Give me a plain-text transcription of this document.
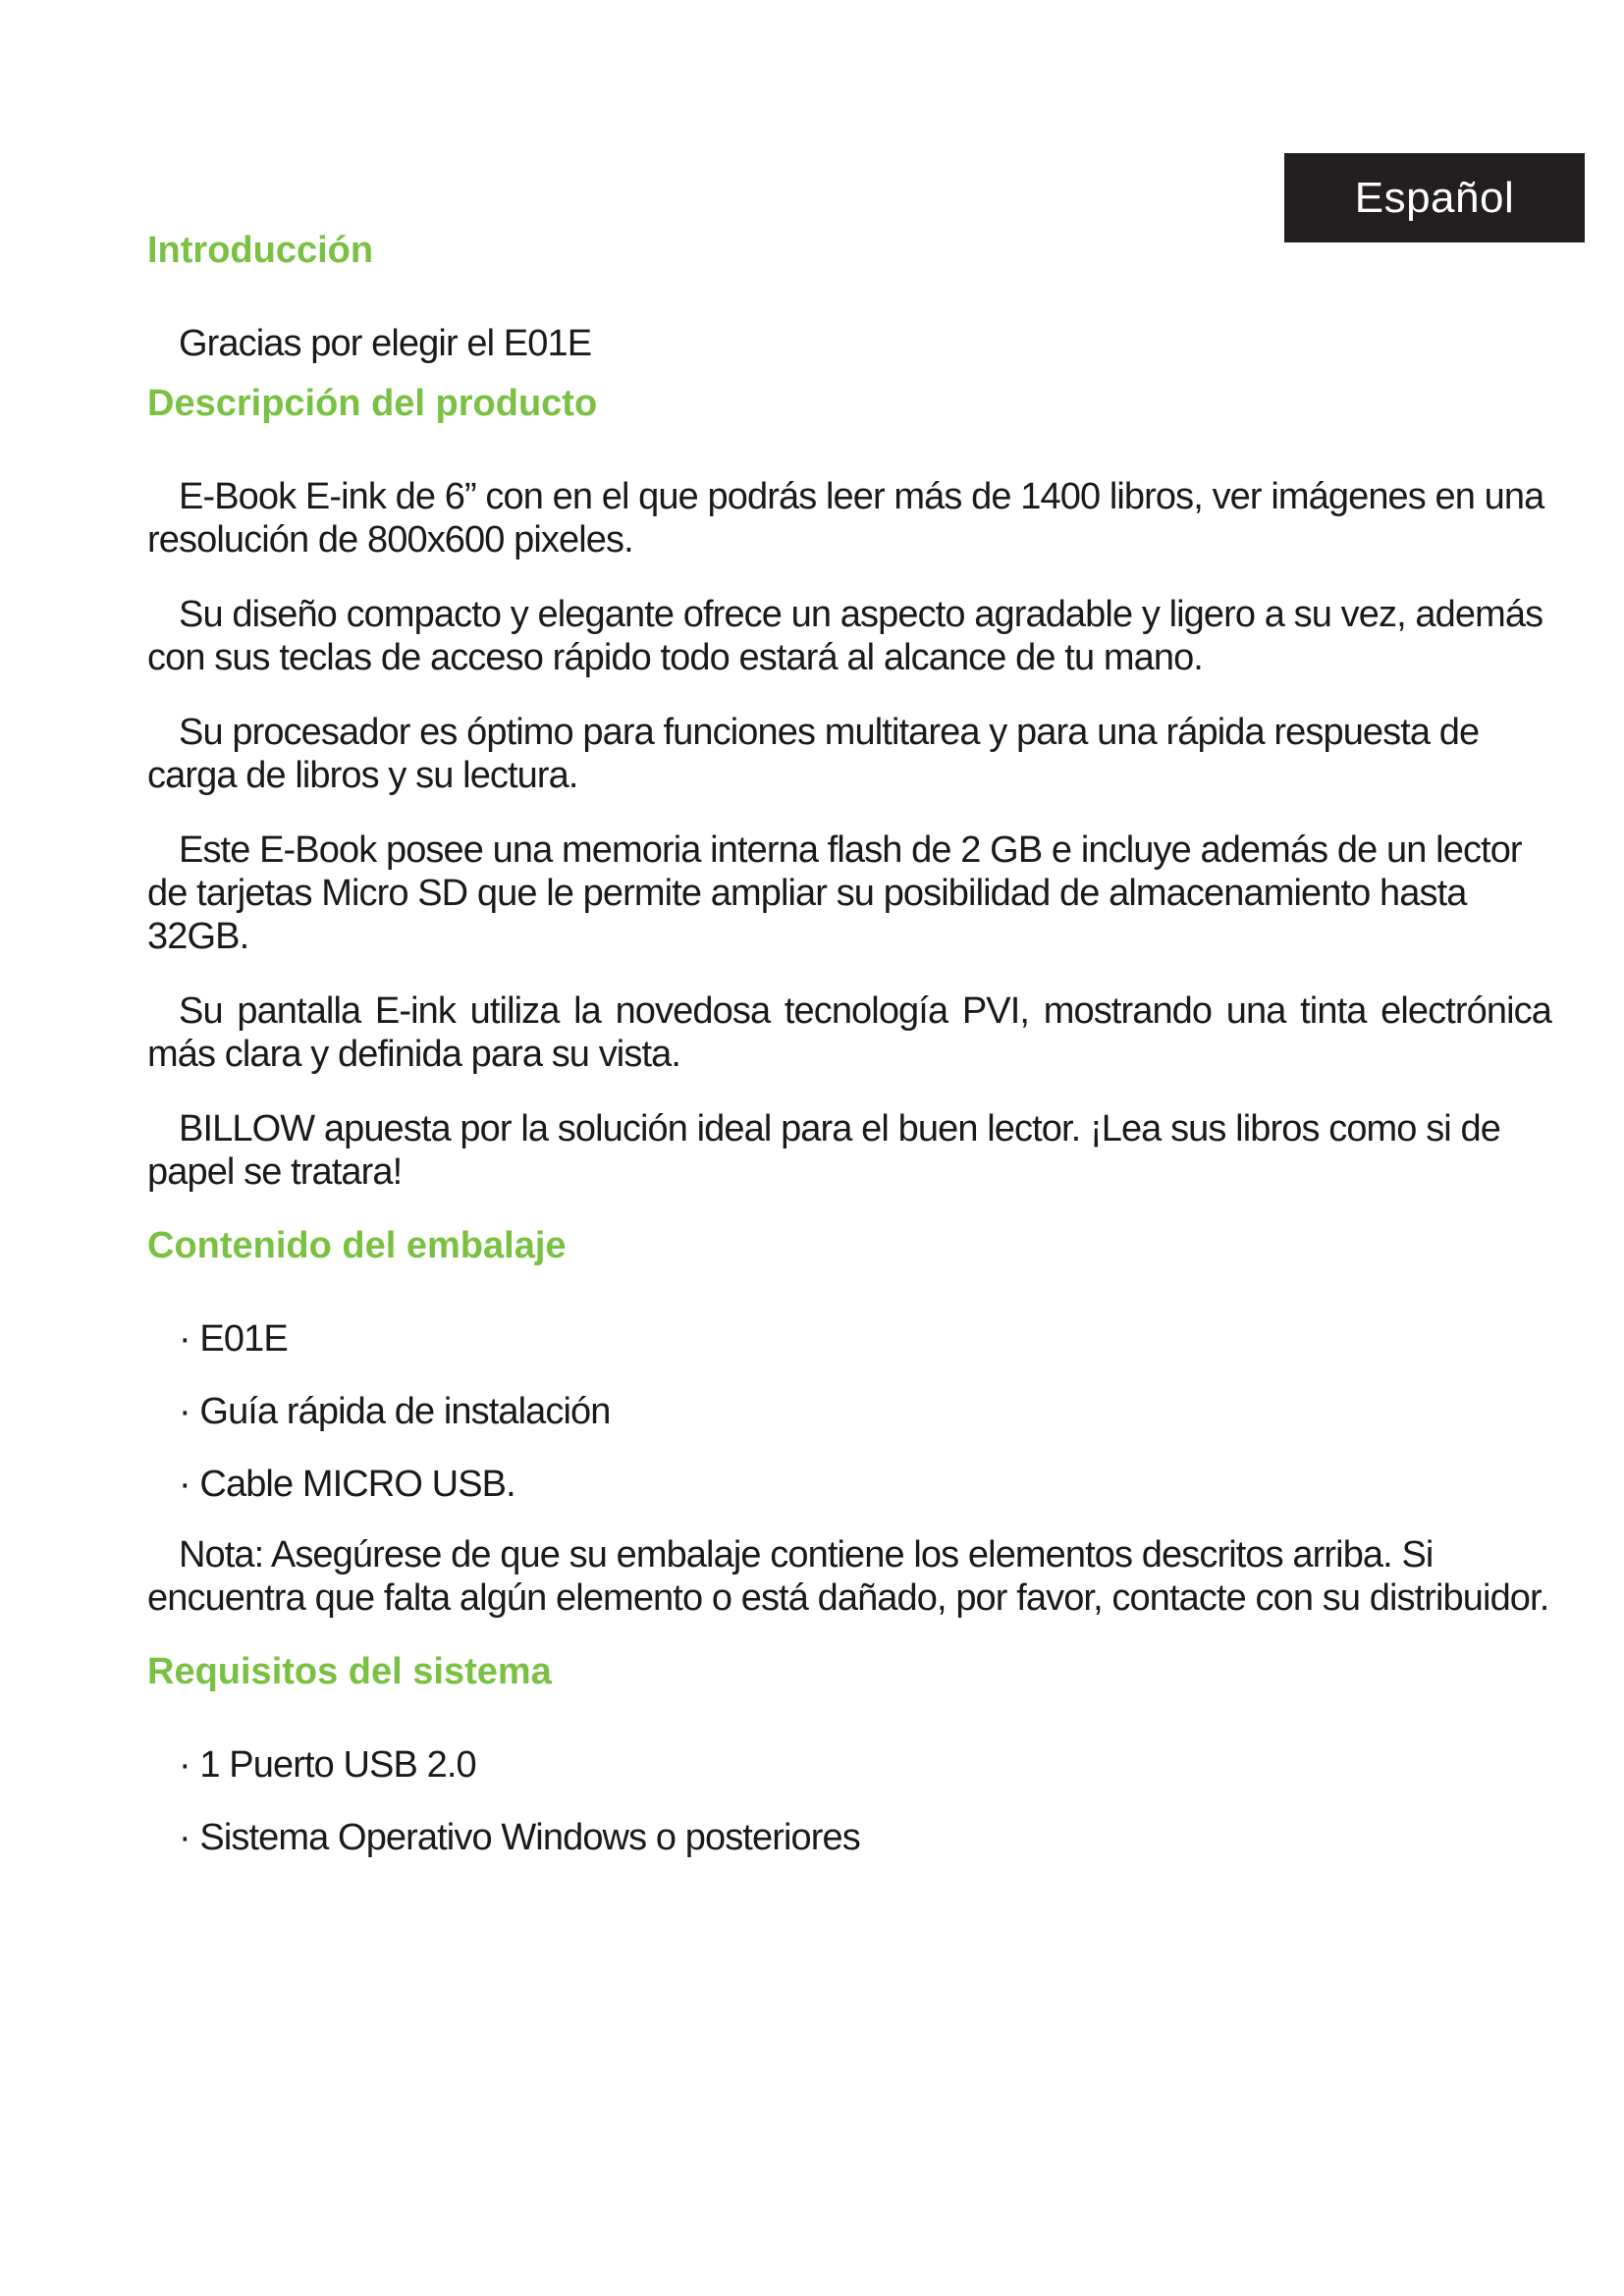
Español
Introducción

Gracias por elegir el E01E

Descripción del producto

E-Book E-ink de 6” con en el que podrás leer más de 1400 libros, ver imágenes en una resolución de 800x600 pixeles.

Su diseño compacto y elegante ofrece un aspecto agradable y ligero a su vez, además con sus teclas de acceso rápido todo estará al alcance de tu mano.

Su procesador es óptimo para funciones multitarea y para una rápida respuesta de carga de libros y su lectura.

Este E-Book posee una memoria interna flash de 2 GB e incluye además de un lector de tarjetas Micro SD que le permite ampliar su posibilidad de almacenamiento hasta 32GB.

Su pantalla E-ink utiliza la novedosa tecnología PVI, mostrando una tinta electrónica más clara y definida para su vista.

BILLOW apuesta por la solución ideal para el buen lector. ¡Lea sus libros como si de papel se tratara!

Contenido del embalaje

· E01E

· Guía rápida de instalación

· Cable MICRO USB.

Nota: Asegúrese de que su embalaje contiene los elementos descritos arriba. Si encuentra que falta algún elemento o está dañado, por favor, contacte con su distribuidor.

Requisitos del sistema

· 1 Puerto USB 2.0

· Sistema Operativo Windows o posteriores
